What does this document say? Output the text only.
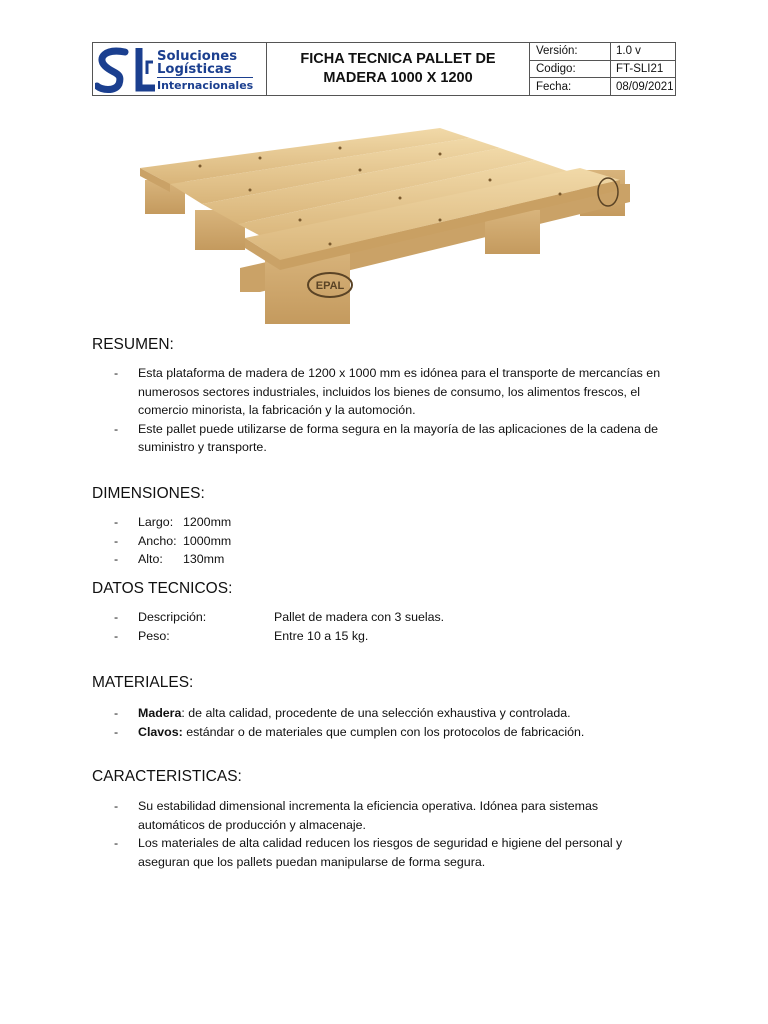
Soluciones
Logísticas
Internacionales
FICHA TECNICA PALLET DE MADERA 1000 X 1200
Versión:	1.0 v
Codigo:	FT-SLI21
Fecha:	08/09/2021
EPAL
RESUMEN:
-	Esta plataforma de madera de 1200 x 1000 mm es idónea para el transporte de mercancías en numerosos sectores industriales, incluidos los bienes de consumo, los alimentos frescos, el comercio minorista, la fabricación y la automoción.
-	Este pallet puede utilizarse de forma segura en la mayoría de las aplicaciones de la cadena de suministro y transporte.
DIMENSIONES:
-	Largo: 1200mm
-	Ancho: 1000mm
-	Alto:	130mm
DATOS TECNICOS:
-	Descripción:	Pallet de madera con 3 suelas.
-	Peso:	Entre 10 a 15 kg.
MATERIALES:
-	Madera : de alta calidad, procedente de una selección exhaustiva y controlada.
-	Clavos: estándar o de materiales que cumplen con los protocolos de fabricación.
CARACTERISTICAS:
-	Su estabilidad dimensional incrementa la eficiencia operativa. Idónea para sistemas automáticos de producción y almacenaje.
-	Los materiales de alta calidad reducen los riesgos de seguridad e higiene del personal y aseguran que los pallets puedan manipularse de forma segura.
